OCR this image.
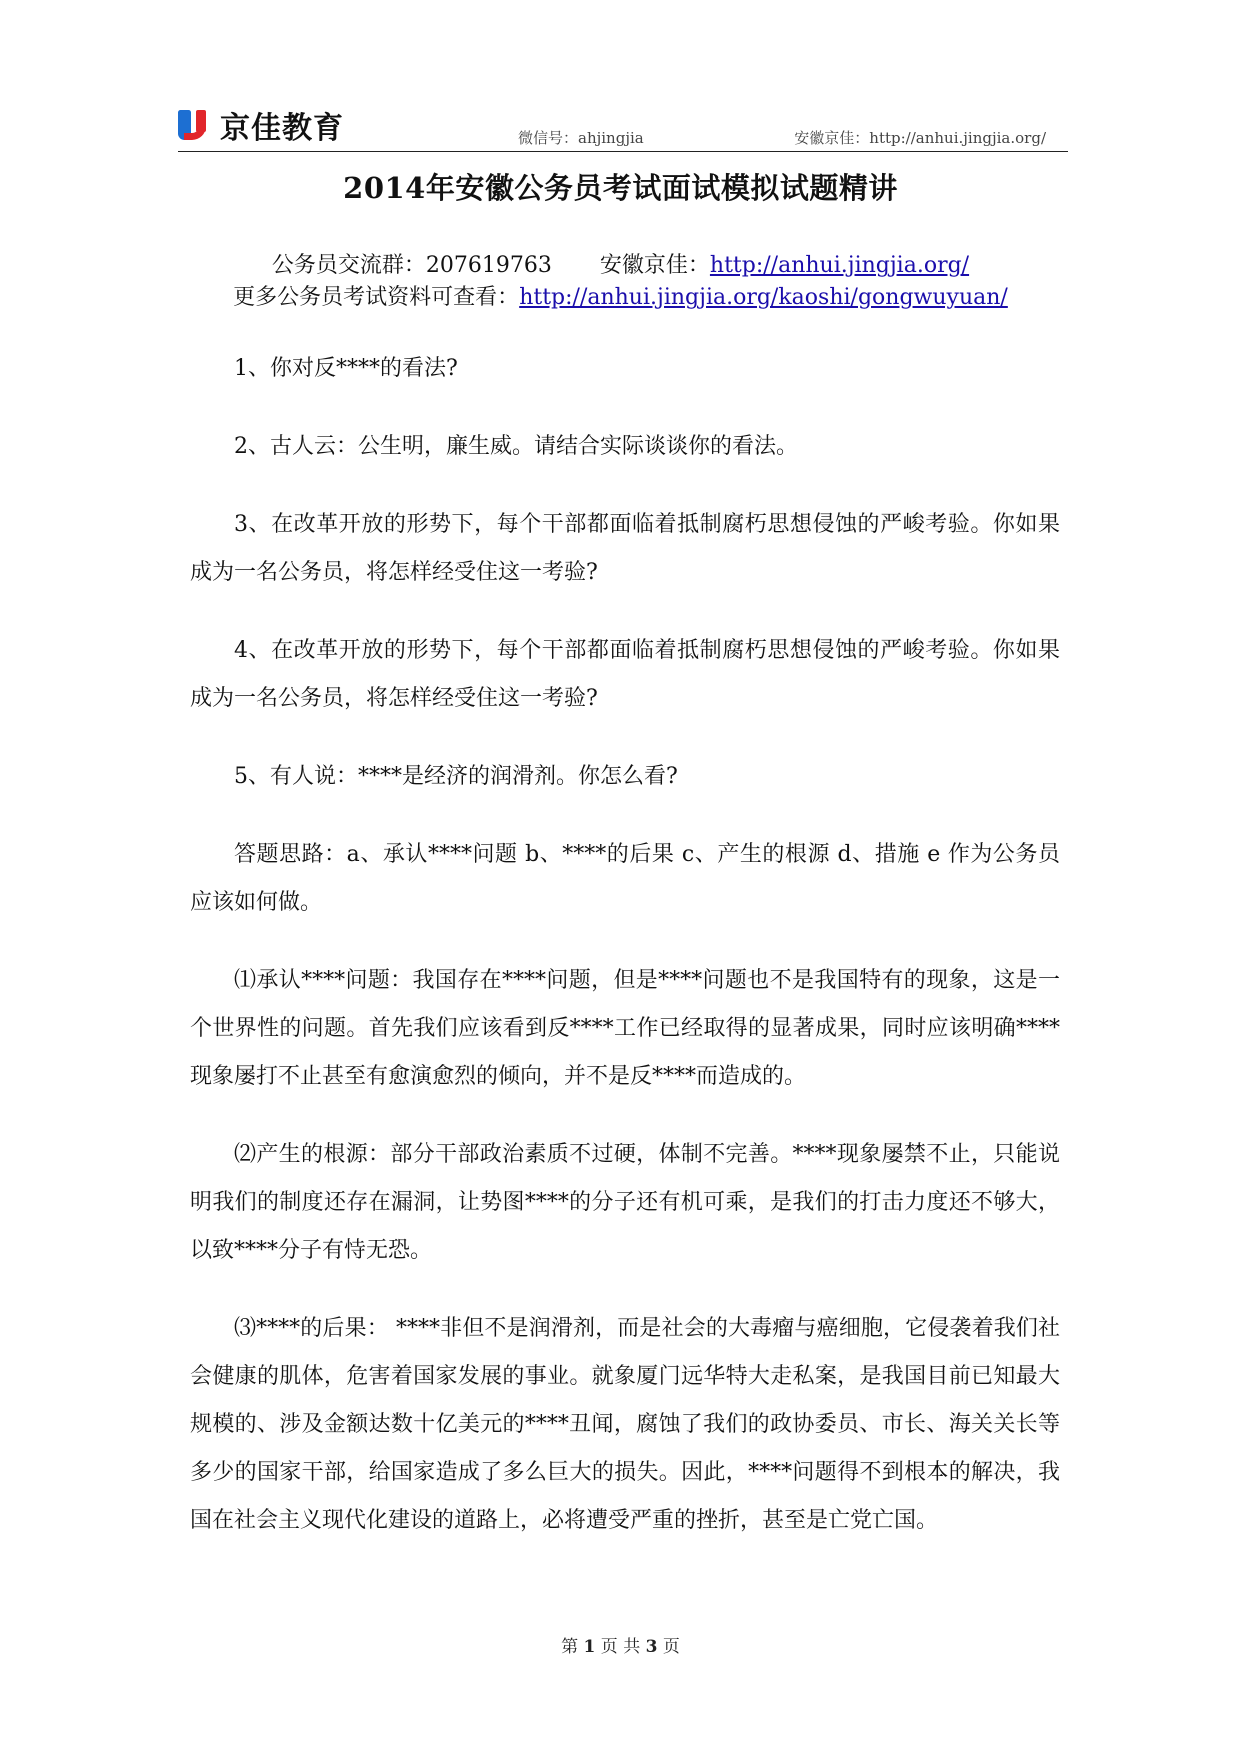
京佳教育	微信号：ahjingjia	安徽京佳：http://anhui.jingjia.org/
2014年安徽公务员考试面试模拟试题精讲
公务员交流群：207619763 安徽京佳：http://anhui.jingjia.org/
更多公务员考试资料可查看：http://anhui.jingjia.org/kaoshi/gongwuyuan/

1、你对反****的看法?

2、古人云：公生明，廉生威。请结合实际谈谈你的看法。

3、在改革开放的形势下，每个干部都面临着抵制腐朽思想侵蚀的严峻考验。你如果成为一名公务员，将怎样经受住这一考验?

4、在改革开放的形势下，每个干部都面临着抵制腐朽思想侵蚀的严峻考验。你如果成为一名公务员，将怎样经受住这一考验?

5、有人说：****是经济的润滑剂。你怎么看?

答题思路：a、承认****问题 b、****的后果 c、产生的根源 d、措施 e 作为公务员应该如何做。

⑴承认****问题：我国存在****问题，但是****问题也不是我国特有的现象，这是一个世界性的问题。首先我们应该看到反****工作已经取得的显著成果，同时应该明确****现象屡打不止甚至有愈演愈烈的倾向，并不是反****而造成的。

⑵产生的根源：部分干部政治素质不过硬，体制不完善。****现象屡禁不止，只能说明我们的制度还存在漏洞，让势图****的分子还有机可乘，是我们的打击力度还不够大，以致****分子有恃无恐。

⑶****的后果： ****非但不是润滑剂，而是社会的大毒瘤与癌细胞，它侵袭着我们社会健康的肌体，危害着国家发展的事业。就象厦门远华特大走私案，是我国目前已知最大规模的、涉及金额达数十亿美元的****丑闻，腐蚀了我们的政协委员、市长、海关关长等多少的国家干部，给国家造成了多么巨大的损失。因此，****问题得不到根本的解决，我国在社会主义现代化建设的道路上，必将遭受严重的挫折，甚至是亡党亡国。

第 1 页 共 3 页
